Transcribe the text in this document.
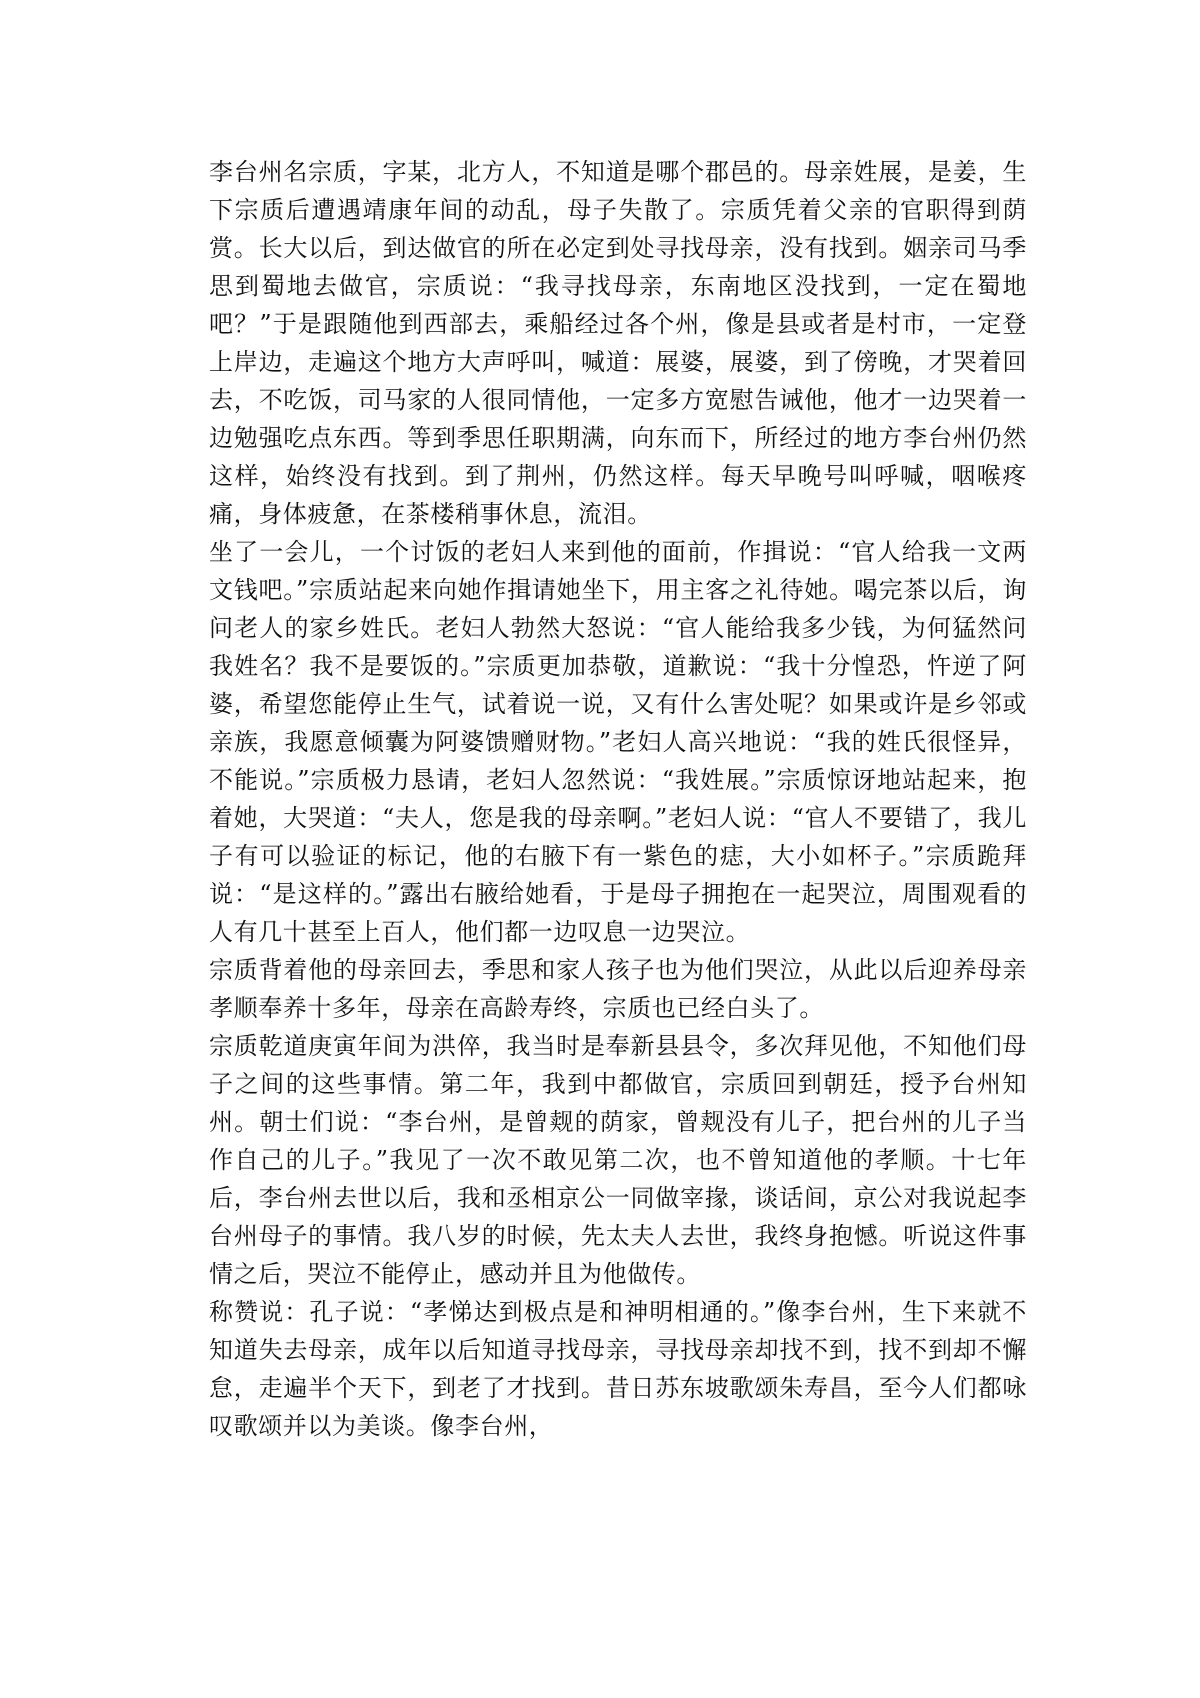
李台州名宗质，字某，北方人，不知道是哪个郡邑的。母亲姓展，是姜，生下宗质后遭遇靖康年间的动乱，母子失散了。宗质凭着父亲的官职得到荫赏。长大以后，到达做官的所在必定到处寻找母亲，没有找到。姻亲司马季思到蜀地去做官，宗质说：“我寻找母亲，东南地区没找到，一定在蜀地吧？”于是跟随他到西部去，乘船经过各个州，像是县或者是村市，一定登上岸边，走遍这个地方大声呼叫，喊道：展婆，展婆，到了傍晚，才哭着回去，不吃饭，司马家的人很同情他，一定多方宽慰告诫他，他才一边哭着一边勉强吃点东西。等到季思任职期满，向东而下，所经过的地方李台州仍然这样，始终没有找到。到了荆州，仍然这样。每天早晚号叫呼喊，咽喉疼痛，身体疲惫，在茶楼稍事休息，流泪。

坐了一会儿，一个讨饭的老妇人来到他的面前，作揖说：“官人给我一文两文钱吧。”宗质站起来向她作揖请她坐下，用主客之礼待她。喝完茶以后，询问老人的家乡姓氏。老妇人勃然大怒说：“官人能给我多少钱，为何猛然问我姓名？我不是要饭的。”宗质更加恭敬，道歉说：“我十分惶恐，忤逆了阿婆，希望您能停止生气，试着说一说，又有什么害处呢？如果或许是乡邻或亲族，我愿意倾囊为阿婆馈赠财物。”老妇人高兴地说：“我的姓氏很怪异，不能说。”宗质极力恳请，老妇人忽然说：“我姓展。”宗质惊讶地站起来，抱着她，大哭道：“夫人，您是我的母亲啊。”老妇人说：“官人不要错了，我儿子有可以验证的标记，他的右腋下有一紫色的痣，大小如杯子。”宗质跪拜说：“是这样的。”露出右腋给她看，于是母子拥抱在一起哭泣，周围观看的人有几十甚至上百人，他们都一边叹息一边哭泣。

宗质背着他的母亲回去，季思和家人孩子也为他们哭泣，从此以后迎养母亲孝顺奉养十多年，母亲在高龄寿终，宗质也已经白头了。

宗质乾道庚寅年间为洪倅，我当时是奉新县县令，多次拜见他，不知他们母子之间的这些事情。第二年，我到中都做官，宗质回到朝廷，授予台州知州。朝士们说：“李台州，是曾觌的荫家，曾觌没有儿子，把台州的儿子当作自己的儿子。”我见了一次不敢见第二次，也不曾知道他的孝顺。十七年后，李台州去世以后，我和丞相京公一同做宰掾，谈话间，京公对我说起李台州母子的事情。我八岁的时候，先太夫人去世，我终身抱憾。听说这件事情之后，哭泣不能停止，感动并且为他做传。

称赞说：孔子说：“孝悌达到极点是和神明相通的。”像李台州，生下来就不知道失去母亲，成年以后知道寻找母亲，寻找母亲却找不到，找不到却不懈怠，走遍半个天下，到老了才找到。昔日苏东坡歌颂朱寿昌，至今人们都咏叹歌颂并以为美谈。像李台州，
